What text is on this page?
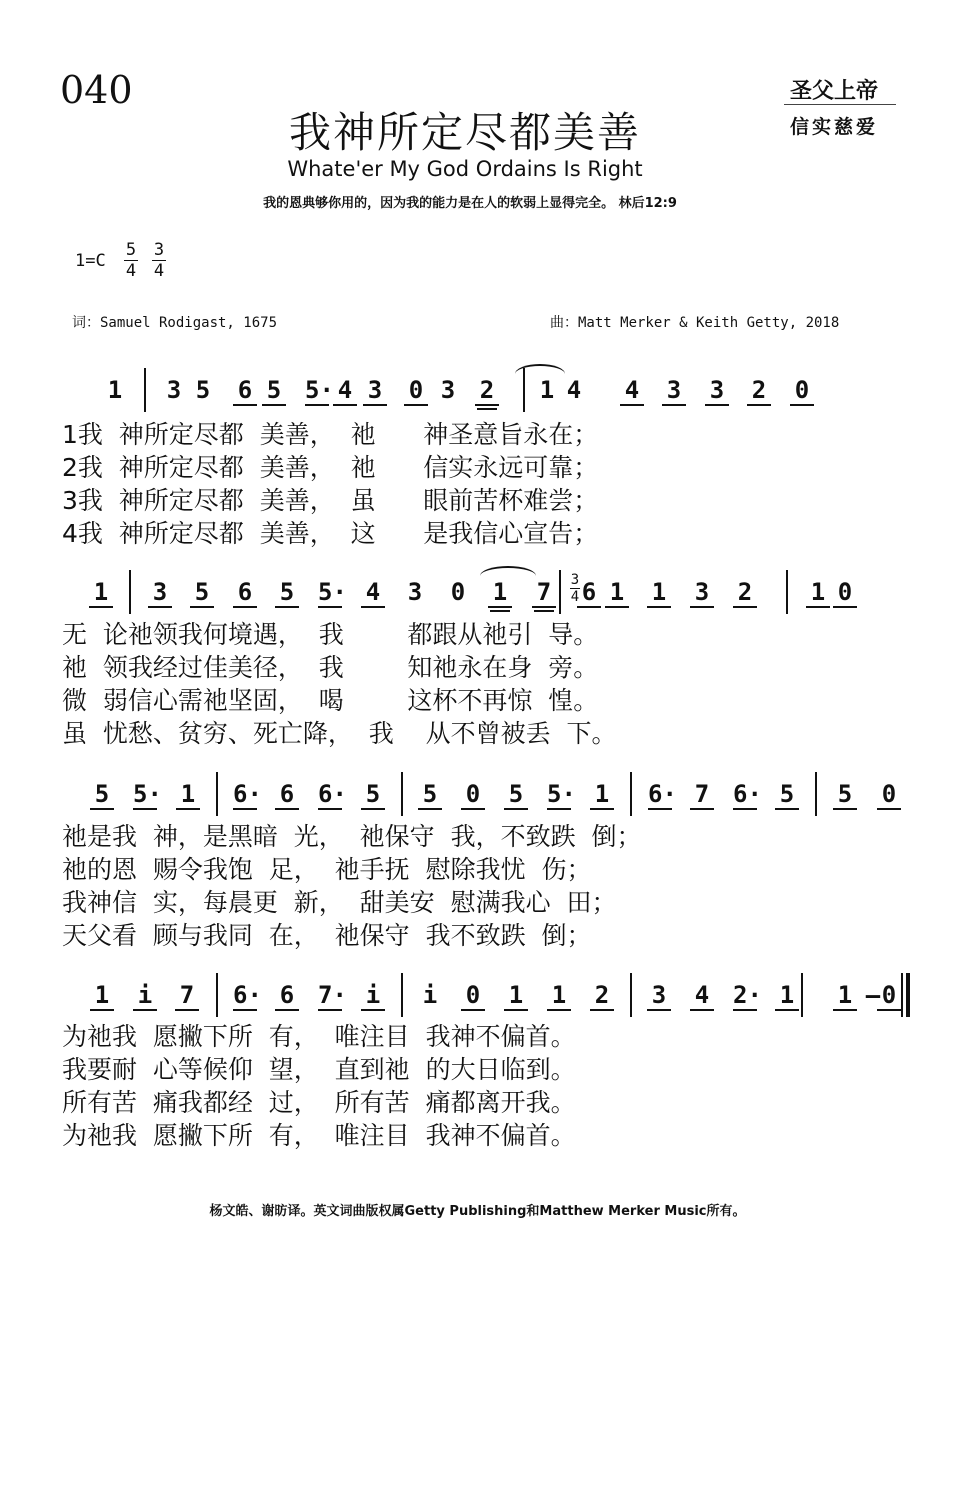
040	圣父上帝
信实慈爱
我神所定尽都美善
Whate'er My God Ordains Is Right
我的恩典够你用的，因为我的能力是在人的软弱上显得完全。 林后12:9
1=C
5
4
3
4
词：Samuel Rodigast, 1675	曲：Matt Merker & Keith Getty, 2018
1 3 5 6 5 5· 4 3 0 3 2 1 4 4 3 3 2 0
1我  神所定尽都  美善，  祂      神圣意旨永在；
2我  神所定尽都  美善，  祂      信实永远可靠；
3我  神所定尽都  美善，  虽      眼前苦杯难尝；
4我  神所定尽都  美善，  这      是我信心宣告；
1 3 5 6 5 5· 4 3 0 1 7 6 1 1 3 2 1 0
3
4
无  论祂领我何境遇，  我        都跟从祂引  导。
祂  领我经过佳美径，  我        知祂永在身  旁。
微  弱信心需祂坚固，  喝        这杯不再惊  惶。
虽  忧愁、贫穷、死亡降，  我    从不曾被丢  下。
5 5· 1 6· 6 6· 5 5 0 5 5· 1 6· 7 6· 5 5 0
祂是我  神，是黑暗  光，  祂保守  我，不致跌  倒；
祂的恩  赐令我饱  足，  祂手抚  慰除我忧  伤；
我神信  实，每晨更  新，  甜美安  慰满我心  田；
天父看  顾与我同  在，  祂保守  我不致跌  倒；
1 i 7 6· 6 7· i i 0 1 1 2 3 4 2· 1 1 – 0
为祂我  愿撇下所  有，  唯注目  我神不偏首。
我要耐  心等候仰  望，  直到祂  的大日临到。
所有苦  痛我都经  过，  所有苦  痛都离开我。
为祂我  愿撇下所  有，  唯注目  我神不偏首。
杨文皓、谢昉译。英文词曲版权属Getty Publishing和Matthew Merker Music所有。
